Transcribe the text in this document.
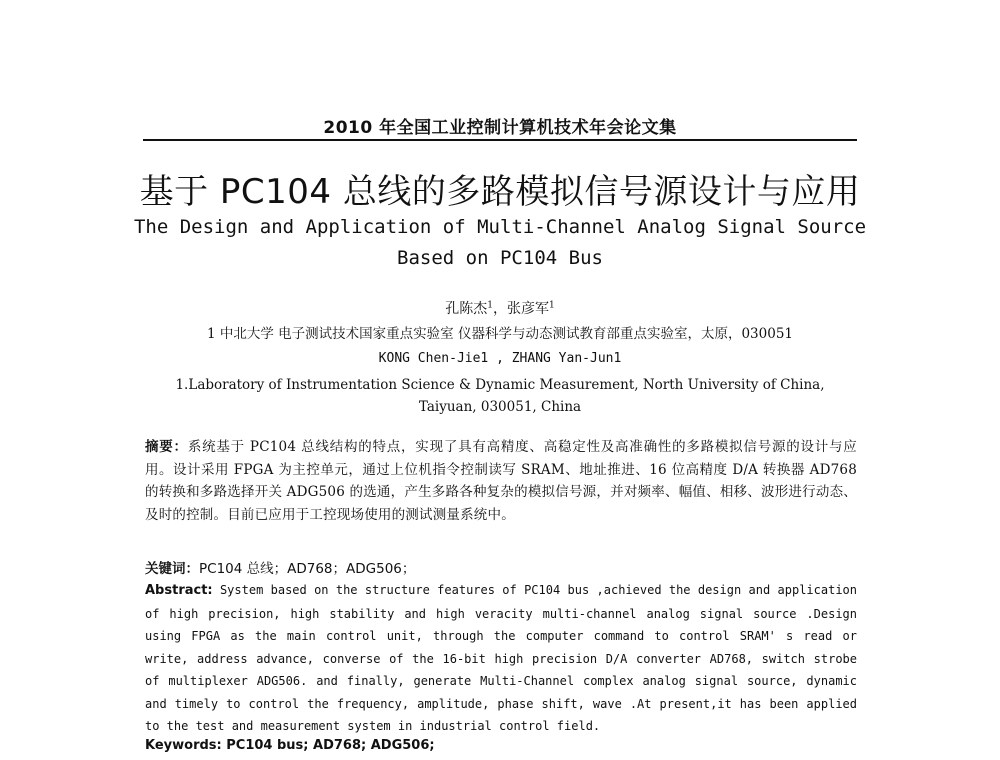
2010 年全国工业控制计算机技术年会论文集
基于 PC104 总线的多路模拟信号源设计与应用
The Design and Application of Multi-Channel Analog Signal Source
Based on PC104 Bus
孔陈杰$^1$，张彦军$^1$
1 中北大学 电子测试技术国家重点实验室 仪器科学与动态测试教育部重点实验室，太原，030051
KONG Chen-Jie1 , ZHANG Yan-Jun1
1.Laboratory of Instrumentation Science & Dynamic Measurement, North University of China,
Taiyuan, 030051, China
摘要：系统基于 PC104 总线结构的特点，实现了具有高精度、高稳定性及高准确性的多路模拟信号源的设计与应用。设计采用 FPGA 为主控单元，通过上位机指令控制读写 SRAM、地址推进、16 位高精度 D/A 转换器 AD768 的转换和多路选择开关 ADG506 的选通，产生多路各种复杂的模拟信号源，并对频率、幅值、相移、波形进行动态、及时的控制。目前已应用于工控现场使用的测试测量系统中。
关键词：PC104 总线；AD768；ADG506；
Abstract: System based on the structure features of PC104 bus ,achieved the design and application of high precision, high stability and high veracity multi-channel analog signal source .Design using FPGA as the main control unit, through the computer command to control SRAM' s read or write, address advance, converse of the 16-bit high precision D/A converter AD768, switch strobe of multiplexer ADG506. and finally, generate Multi-Channel complex analog signal source, dynamic and timely to control the frequency, amplitude, phase shift, wave .At present,it has been applied to the test and measurement system in industrial control field.
Keywords: PC104 bus; AD768; ADG506;
